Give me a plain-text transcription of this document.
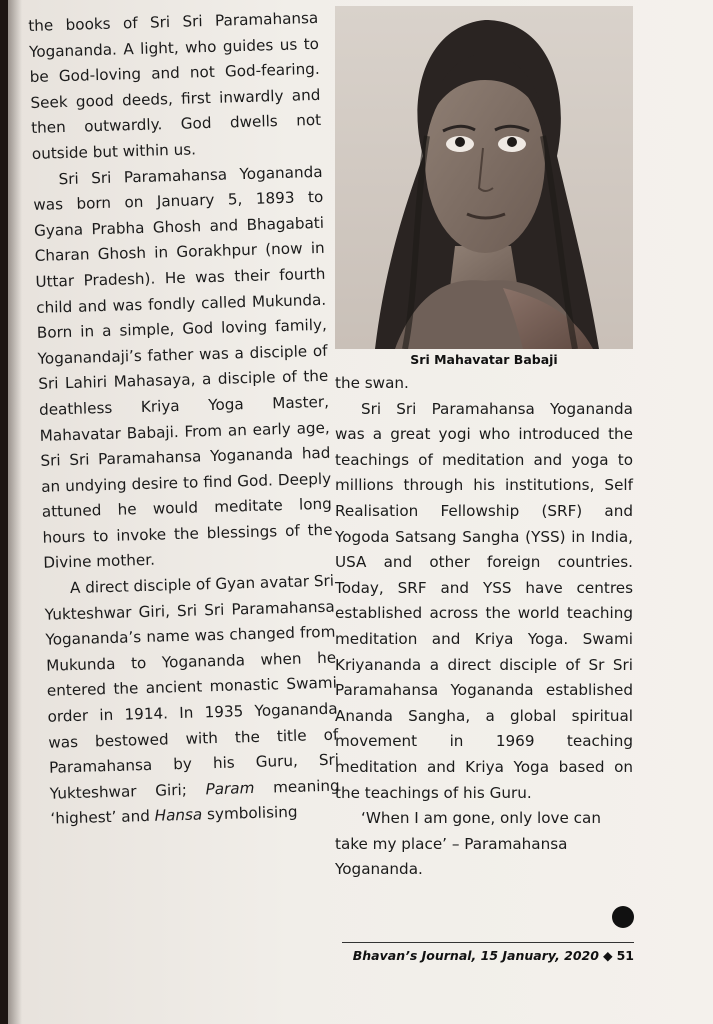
the books of Sri Sri Paramahansa Yogananda. A light, who guides us to be God-loving and not God-fearing. Seek good deeds, first inwardly and then outwardly. God dwells not outside but within us.

Sri Sri Paramahansa Yogananda was born on January 5, 1893 to Gyana Prabha Ghosh and Bhagabati Charan Ghosh in Gorakhpur (now in Uttar Pradesh). He was their fourth child and was fondly called Mukunda. Born in a simple, God loving family, Yoganandaji’s father was a disciple of Sri Lahiri Mahasaya, a disciple of the deathless Kriya Yoga Master, Mahavatar Babaji. From an early age, Sri Sri Paramahansa Yogananda had an undying desire to find God. Deeply attuned he would meditate long hours to invoke the blessings of the Divine mother.

A direct disciple of Gyan avatar Sri Yukteshwar Giri, Sri Sri Paramahansa Yogananda’s name was changed from Mukunda to Yogananda when he entered the ancient monastic Swami order in 1914. In 1935 Yogananda was bestowed with the title of Paramahansa by his Guru, Sri Yukteshwar Giri; Param meaning ‘highest’ and Hansa symbolising

Sri Mahavatar Babaji

the swan.

Sri Sri Paramahansa Yogananda was a great yogi who introduced the teachings of meditation and yoga to millions through his institutions, Self Realisation Fellowship (SRF) and Yogoda Satsang Sangha (YSS) in India, USA and other foreign countries. Today, SRF and YSS have centres established across the world teaching meditation and Kriya Yoga. Swami Kriyananda a direct disciple of Sr Sri Paramahansa Yogananda established Ananda Sangha, a global spiritual movement in 1969 teaching meditation and Kriya Yoga based on the teachings of his Guru.

‘When I am gone, only love can take my place’ – Paramahansa Yogananda.

Bhavan’s Journal, 15 January, 2020 ◆ 51
